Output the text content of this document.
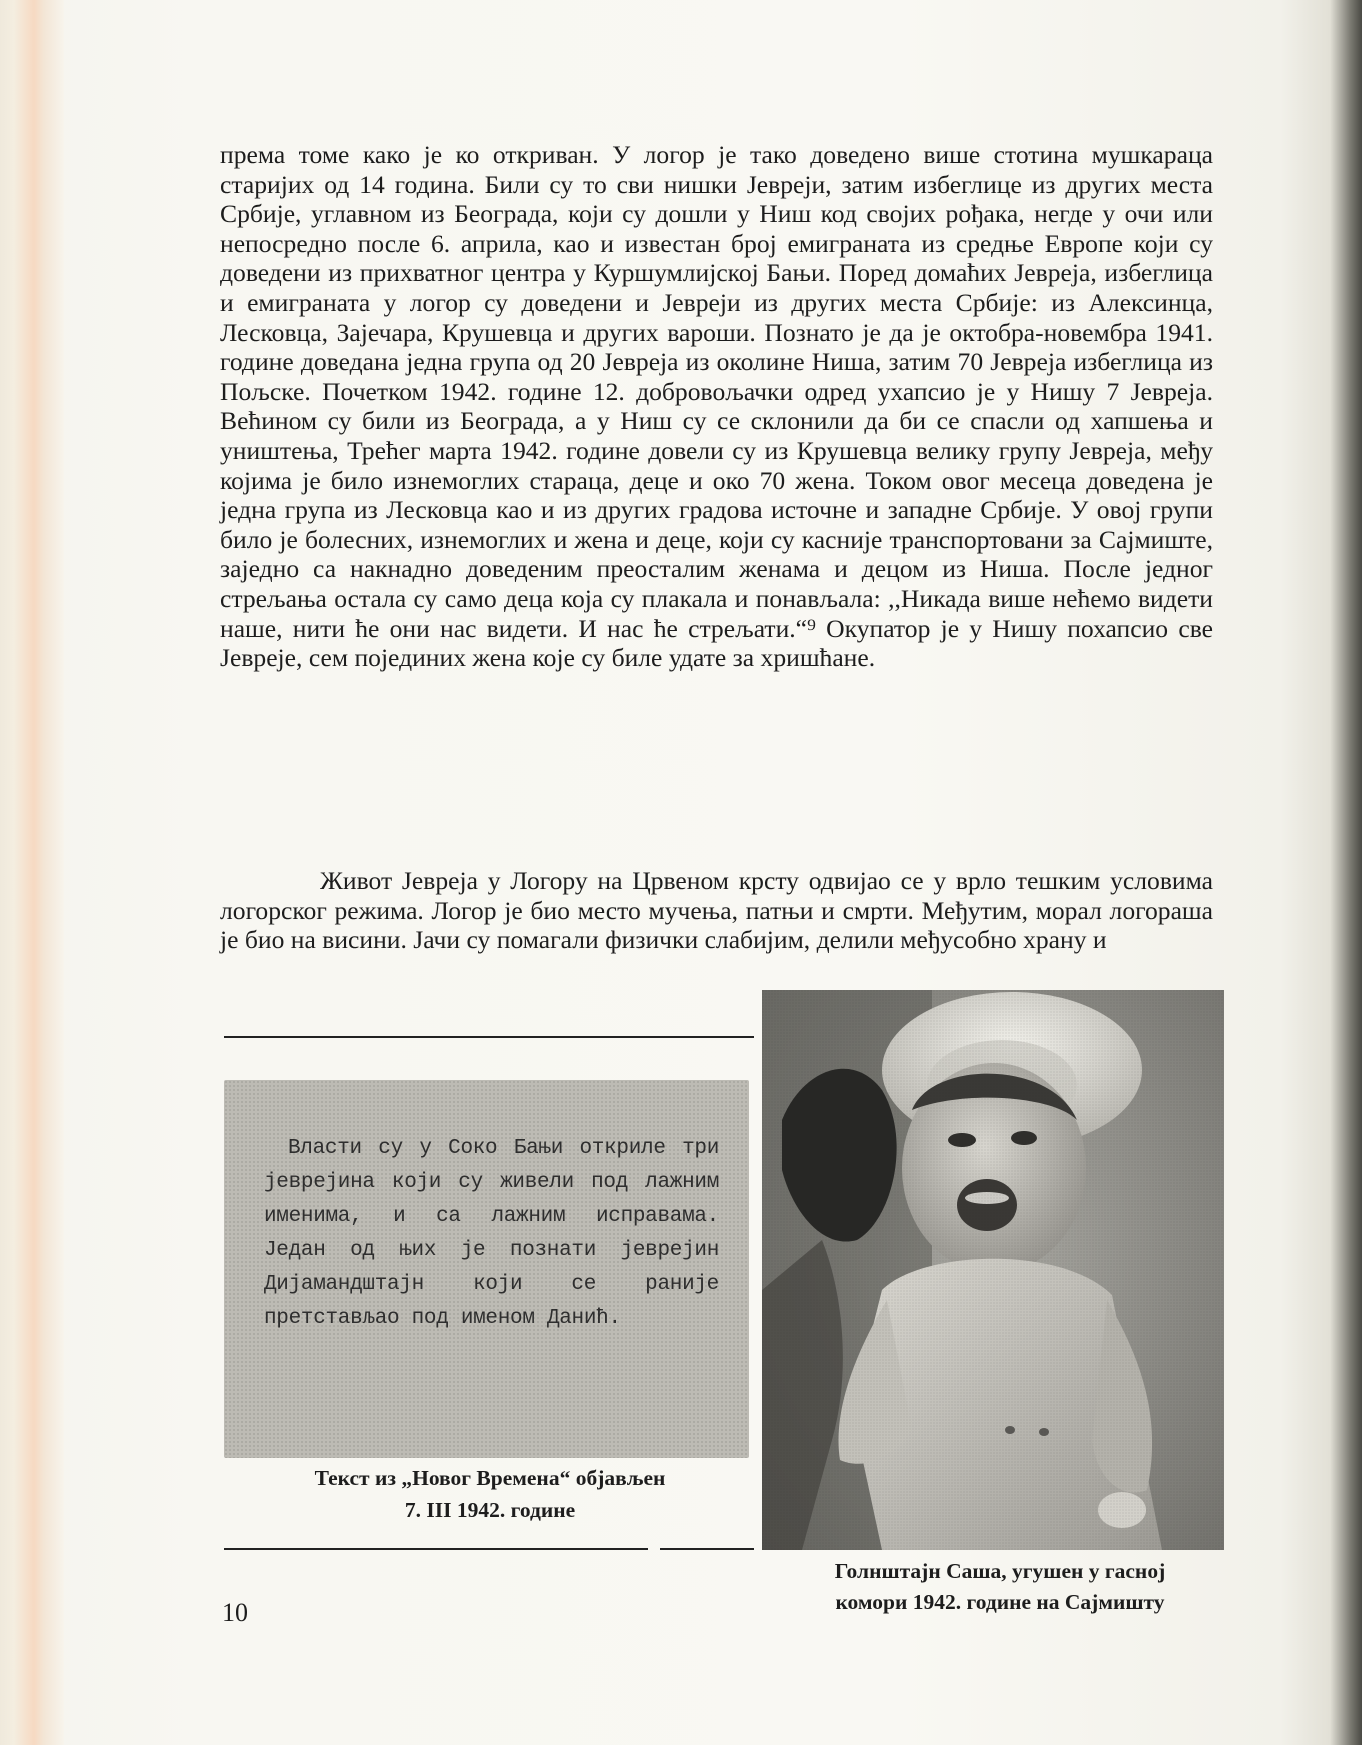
према томе како је ко откриван. У логор је тако доведено више стотина мушкараца старијих од 14 година. Били су то сви нишки Јевреји, затим избеглице из других места Србије, углавном из Београда, који су дошли у Ниш код својих рођака, негде у очи или непосредно после 6. априла, као и известан број емиграната из средње Европе који су доведени из прихватног центра у Куршумлијској Бањи. Поред домаћих Јевреја, избеглица и емиграната у логор су доведени и Јевреји из других места Србије: из Алексинца, Лесковца, Зајечара, Крушевца и других вароши. Познато је да је октобра-новембра 1941. године доведана једна група од 20 Јевреја из околине Ниша, затим 70 Јевреја избеглица из Пољске. Почетком 1942. године 12. добровољачки одред ухапсио је у Нишу 7 Јевреја. Већином су били из Београда, а у Ниш су се склонили да би се спасли од хапшења и уништења, Трећег марта 1942. године довели су из Крушевца велику групу Јевреја, међу којима је било изнемоглих стараца, деце и око 70 жена. Током овог месеца доведена је једна група из Лесковца као и из других градова источне и западне Србије. У овој групи било је болесних, изнемоглих и жена и деце, који су касније транспортовани за Сајмиште, заједно са накнадно доведеним преосталим женама и децом из Ниша. После једног стрељања остала су само деца која су плакала и понављала: ,,Никада више нећемо видети наше, нити ће они нас видети. И нас ће стрељати.“⁹ Окупатор је у Нишу похапсио све Јевреје, сем појединих жена које су биле удате за хришћане.

Живот Јевреја у Логору на Црвеном крсту одвијао се у врло тешким условима логорског режима. Логор је био место мучења, патњи и смрти. Међутим, морал логораша је био на висини. Јачи су помагали физички слабијим, делили међусобно храну и

Власти су у Соко Бањи откриле три јеврејина који су живели под лажним именима, и са лажним исправама. Један од њих је познати јеврејин Дијамандштајн који се раније претстављао под именом Данић.

Текст из „Новог Времена“ објављен
7. III 1942. године
Голнштајн Саша, угушен у гасној
комори 1942. године на Сајмишту
10
